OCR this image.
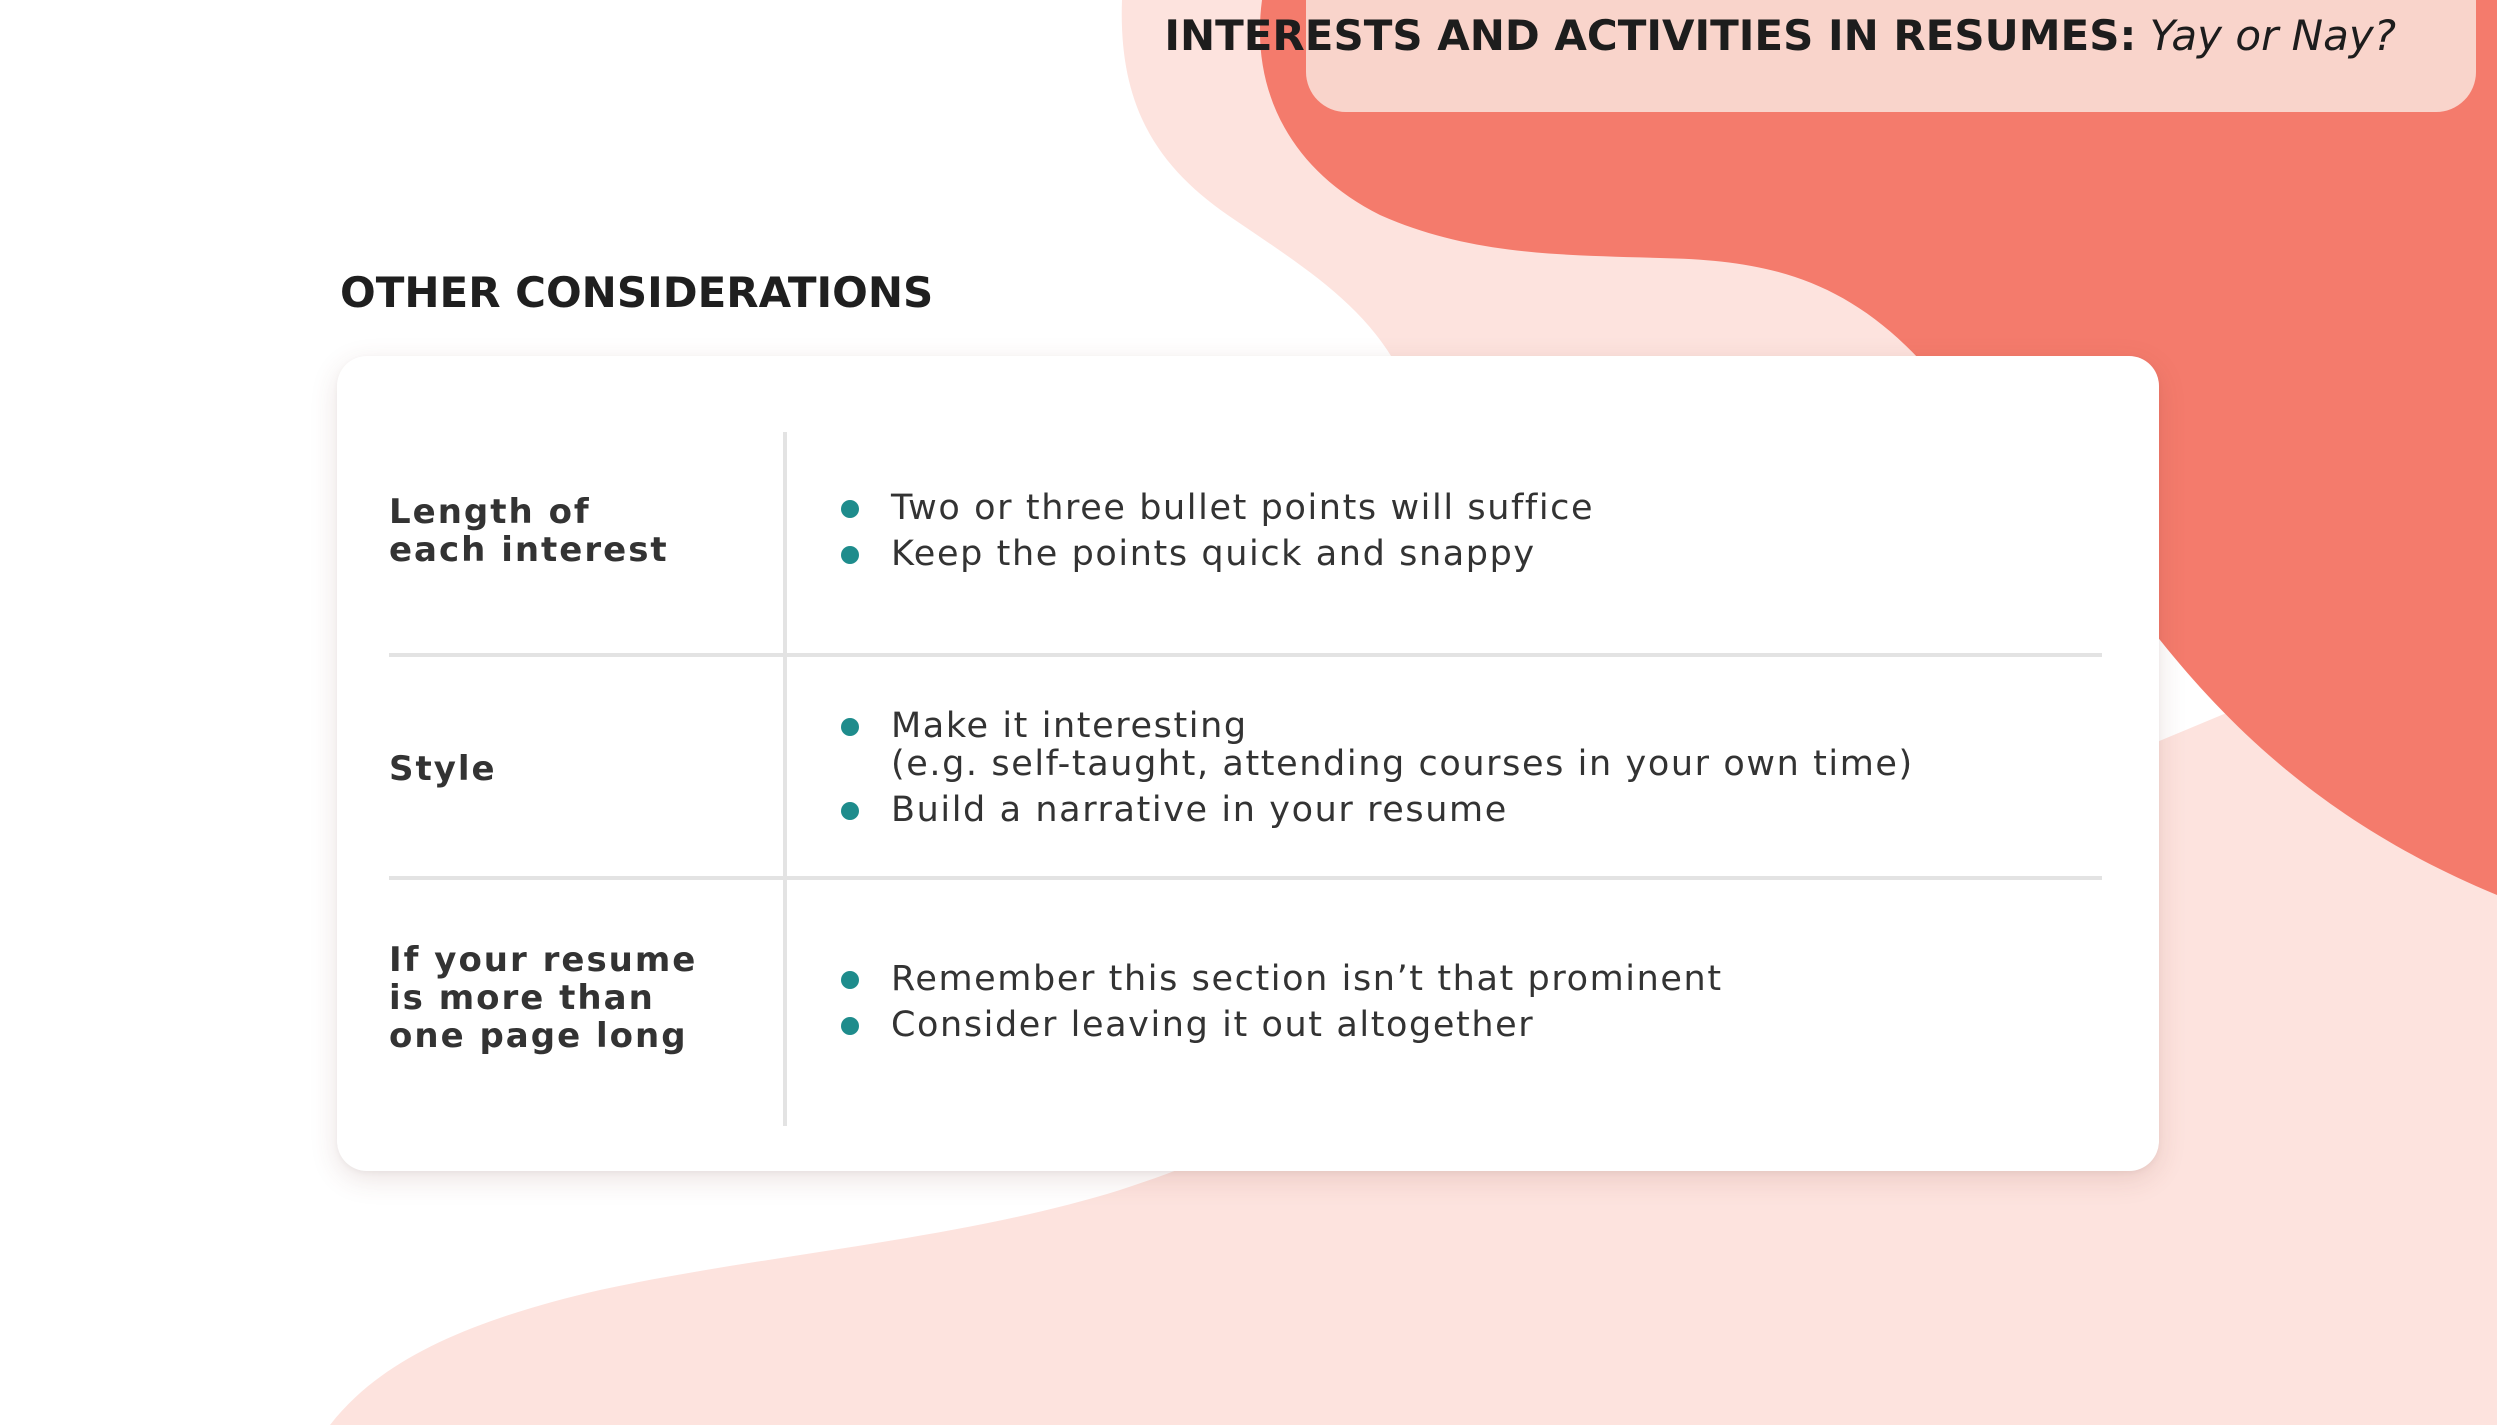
INTERESTS AND ACTIVITIES IN RESUMES: Yay or Nay?
OTHER CONSIDERATIONS
Length of
each interest
Two or three bullet points will suffice
Keep the points quick and snappy
Style
Make it interesting
(e.g. self-taught, attending courses in your own time)
Build a narrative in your resume
If your resume
is more than
one page long
Remember this section isn’t that prominent
Consider leaving it out altogether
